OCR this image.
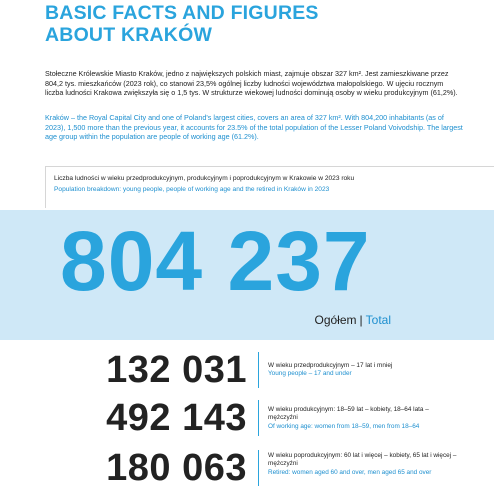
BASIC FACTS AND FIGURES
ABOUT KRAKÓW

Stołeczne Królewskie Miasto Kraków, jedno z największych polskich miast, zajmuje obszar 327 km². Jest zamieszkiwane przez 804,2 tys. mieszkańców (2023 rok), co stanowi 23,5% ogólnej liczby ludności województwa małopolskiego. W ujęciu rocznym liczba ludności Krakowa zwiększyła się o 1,5 tys. W strukturze wiekowej ludności dominują osoby w wieku produkcyjnym (61,2%).

Kraków – the Royal Capital City and one of Poland's largest cities, covers an area of 327 km². With 804,200 inhabitants (as of 2023), 1,500 more than the previous year, it accounts for 23.5% of the total population of the Lesser Poland Voivodship. The largest age group within the population are people of working age (61.2%).

Liczba ludności w wieku przedprodukcyjnym, produkcyjnym i poprodukcyjnym w Krakowie w 2023 roku

Population breakdown: young people, people of working age and the retired in Kraków in 2023

804 237
Ogółem | Total
132 031	W wieku przedprodukcyjnym – 17 lat i mniej
Young people – 17 and under
492 143	W wieku produkcyjnym: 18–59 lat – kobiety, 18–64 lata – mężczyźni
Of working age: women from 18–59, men from 18–64
180 063	W wieku poprodukcyjnym: 60 lat i więcej – kobiety, 65 lat i więcej – mężczyźni
Retired: women aged 60 and over, men aged 65 and over
